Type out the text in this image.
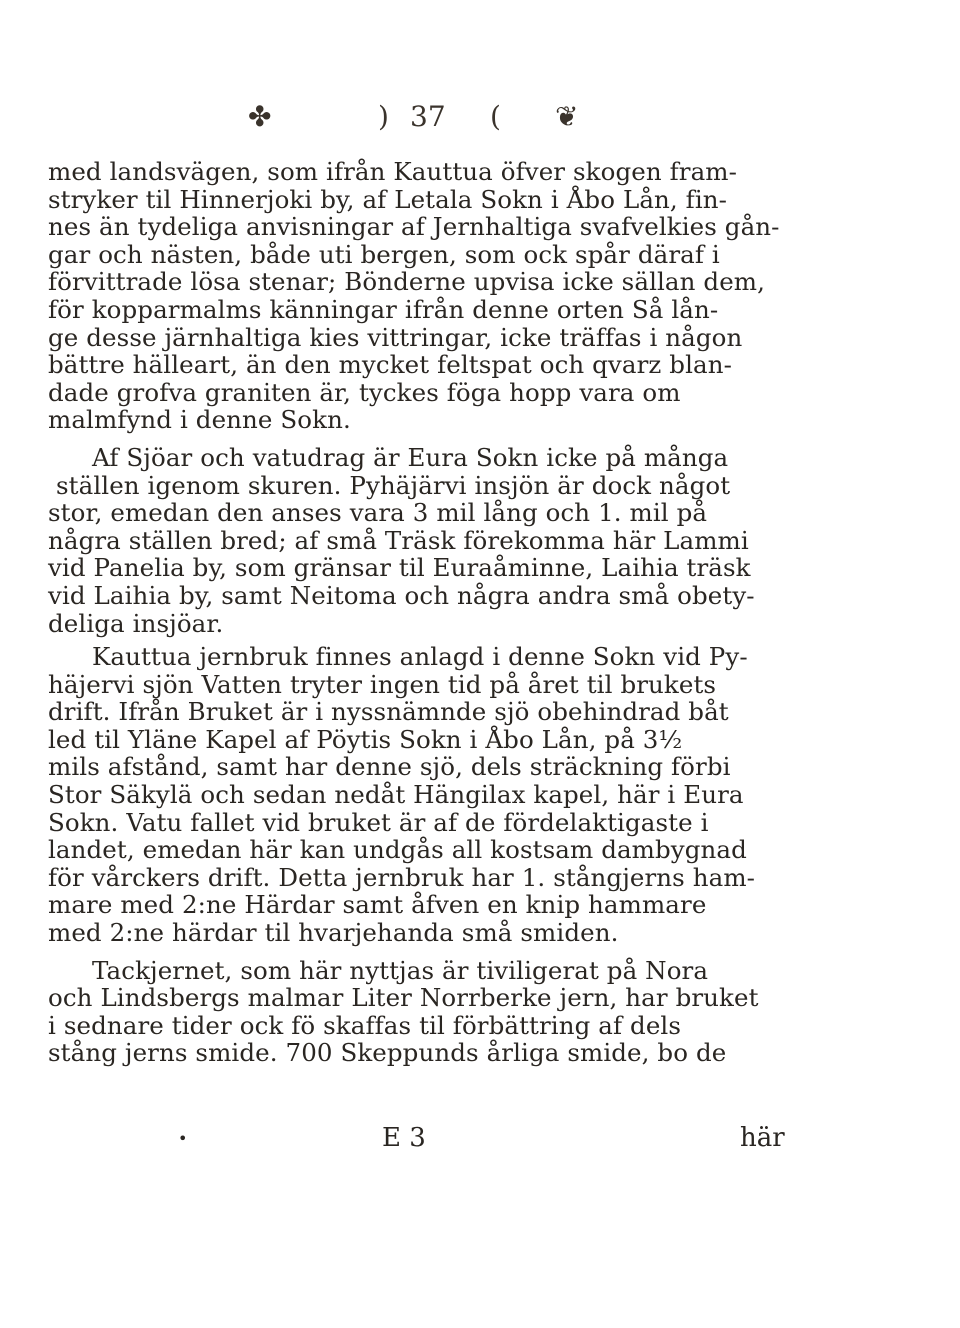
✤	) 37 ( ❦
med landsvägen, som ifrån Kauttua öfver skogen fram-
stryker til Hinnerjoki by, af Letala Sokn i Åbo Lån, fin-
nes än tydeliga anvisningar af Jernhaltiga svafvelkies gån-
gar och nästen, både uti bergen, som ock spår däraf i
förvittrade lösa stenar; Bönderne upvisa icke sällan dem,
för kopparmalms känningar ifrån denne orten Så lån-
ge desse järnhaltiga kies vittringar, icke träffas i någon
bättre hälleart, än den mycket feltspat och qvarz blan-
dade grofva graniten är, tyckes föga hopp vara om
malmfynd i denne Sokn.
Af Sjöar och vatudrag är Eura Sokn icke på många
ställen igenom skuren. Pyhäjärvi insjön är dock något
stor, emedan den anses vara 3 mil lång och 1. mil på
några ställen bred; af små Träsk förekomma här Lammi
vid Panelia by, som gränsar til Euraåminne, Laihia träsk
vid Laihia by, samt Neitoma och några andra små obety-
deliga insjöar.
Kauttua jernbruk finnes anlagd i denne Sokn vid Py-
häjervi sjön Vatten tryter ingen tid på året til brukets
drift. Ifrån Bruket är i nyssnämnde sjö obehindrad båt
led til Yläne Kapel af Pöytis Sokn i Åbo Lån, på 3½
mils afstånd, samt har denne sjö, dels sträckning förbi
Stor Säkylä och sedan nedåt Hängilax kapel, här i Eura
Sokn. Vatu fallet vid bruket är af de fördelaktigaste i
landet, emedan här kan undgås all kostsam dambygnad
för vårckers drift. Detta jernbruk har 1. stångjerns ham-
mare med 2:ne Härdar samt åfven en knip hammare
med 2:ne härdar til hvarjehanda små smiden.
Tackjernet, som här nyttjas är tiviligerat på Nora
och Lindsbergs malmar Liter Norrberke jern, har bruket
i sednare tider ock fö skaffas til förbättring af dels
stång jerns smide. 700 Skeppunds årliga smide, bo de
•	E 3	här
